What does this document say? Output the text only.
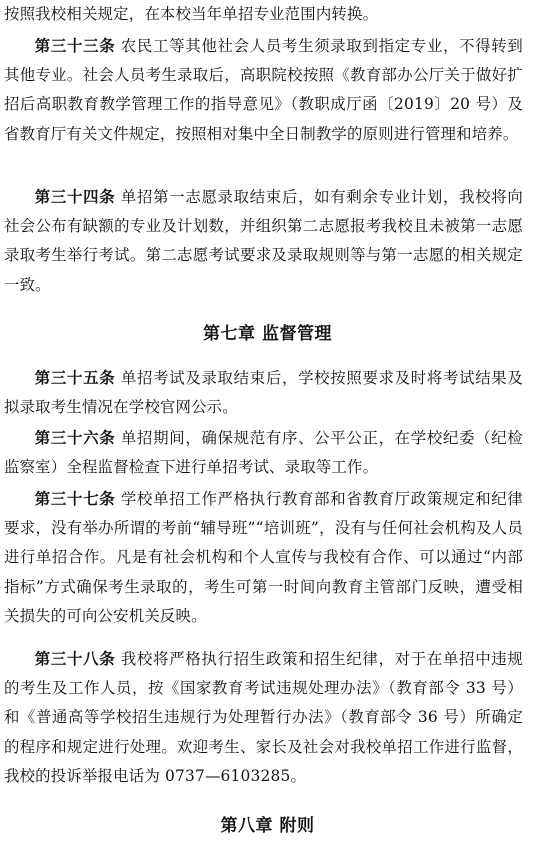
按照我校相关规定，在本校当年单招专业范围内转换。

第三十三条 农民工等其他社会人员考生须录取到指定专业，不得转到其他专业。社会人员考生录取后，高职院校按照《教育部办公厅关于做好扩招后高职教育教学管理工作的指导意见》（教职成厅函〔2019〕20 号）及省教育厅有关文件规定，按照相对集中全日制教学的原则进行管理和培养。

第三十四条 单招第一志愿录取结束后，如有剩余专业计划，我校将向社会公布有缺额的专业及计划数，并组织第二志愿报考我校且未被第一志愿录取考生举行考试。第二志愿考试要求及录取规则等与第一志愿的相关规定一致。

第七章 监督管理

第三十五条 单招考试及录取结束后，学校按照要求及时将考试结果及拟录取考生情况在学校官网公示。

第三十六条 单招期间，确保规范有序、公平公正，在学校纪委（纪检监察室）全程监督检查下进行单招考试、录取等工作。

第三十七条 学校单招工作严格执行教育部和省教育厅政策规定和纪律要求，没有举办所谓的考前“辅导班”“培训班”，没有与任何社会机构及人员进行单招合作。凡是有社会机构和个人宣传与我校有合作、可以通过“内部指标”方式确保考生录取的，考生可第一时间向教育主管部门反映，遭受相关损失的可向公安机关反映。

第三十八条 我校将严格执行招生政策和招生纪律，对于在单招中违规的考生及工作人员，按《国家教育考试违规处理办法》（教育部令 33 号）和《普通高等学校招生违规行为处理暂行办法》（教育部令 36 号）所确定的程序和规定进行处理。欢迎考生、家长及社会对我校单招工作进行监督，我校的投诉举报电话为 0737—6103285。

第八章 附则
